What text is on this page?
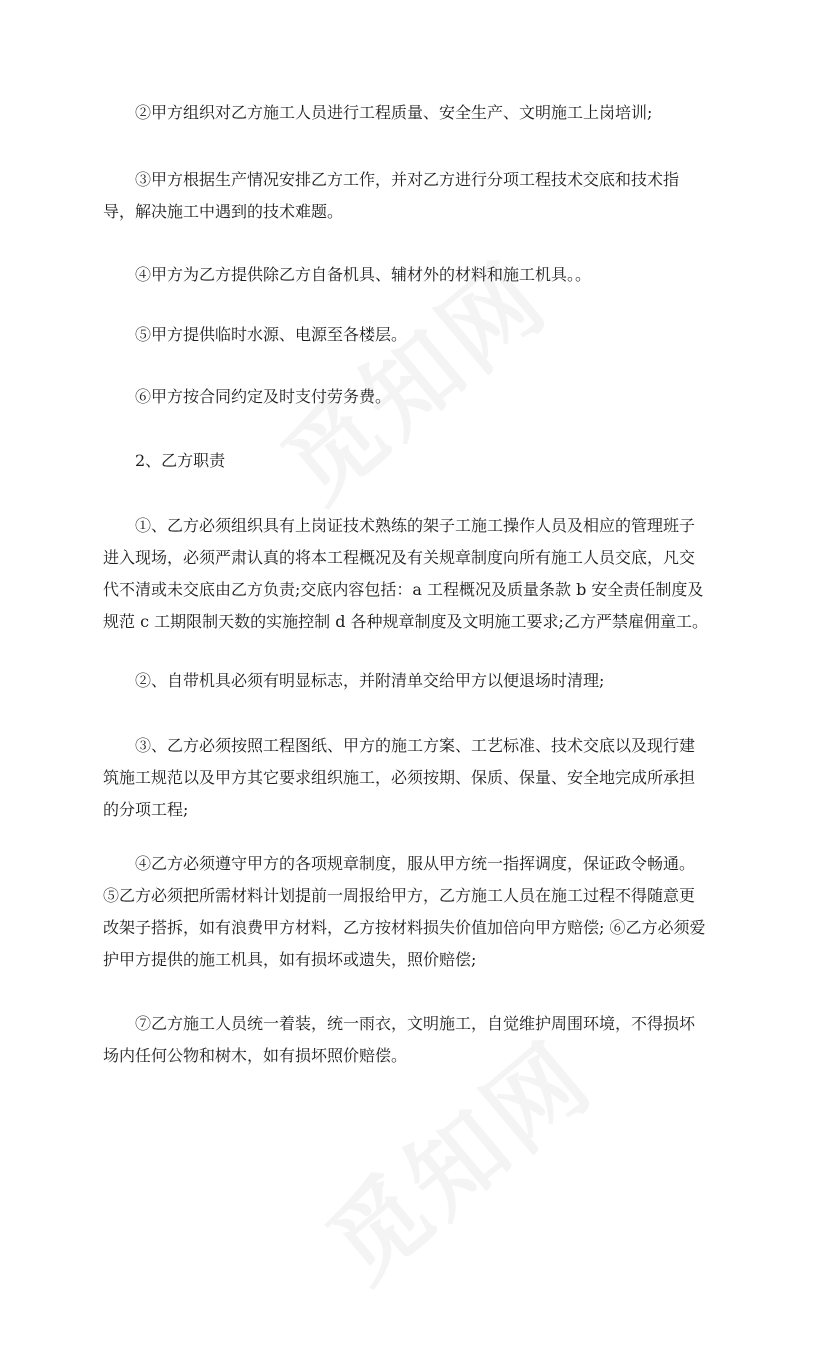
②甲方组织对乙方施工人员进行工程质量、安全生产、文明施工上岗培训;

③甲方根据生产情况安排乙方工作，并对乙方进行分项工程技术交底和技术指
导，解决施工中遇到的技术难题。

④甲方为乙方提供除乙方自备机具、辅材外的材料和施工机具。。

⑤甲方提供临时水源、电源至各楼层。

⑥甲方按合同约定及时支付劳务费。

2、乙方职责

①、乙方必须组织具有上岗证技术熟练的架子工施工操作人员及相应的管理班子
进入现场，必须严肃认真的将本工程概况及有关规章制度向所有施工人员交底，凡交
代不清或未交底由乙方负责;交底内容包括：a 工程概况及质量条款 b 安全责任制度及
规范 c 工期限制天数的实施控制 d 各种规章制度及文明施工要求;乙方严禁雇佣童工。

②、自带机具必须有明显标志，并附清单交给甲方以便退场时清理;

③、乙方必须按照工程图纸、甲方的施工方案、工艺标准、技术交底以及现行建
筑施工规范以及甲方其它要求组织施工，必须按期、保质、保量、安全地完成所承担
的分项工程;

④乙方必须遵守甲方的各项规章制度，服从甲方统一指挥调度，保证政令畅通。
⑤乙方必须把所需材料计划提前一周报给甲方，乙方施工人员在施工过程不得随意更
改架子搭拆，如有浪费甲方材料，乙方按材料损失价值加倍向甲方赔偿; ⑥乙方必须爱
护甲方提供的施工机具，如有损坏或遗失，照价赔偿;

⑦乙方施工人员统一着装，统一雨衣，文明施工，自觉维护周围环境，不得损坏
场内任何公物和树木，如有损坏照价赔偿。
